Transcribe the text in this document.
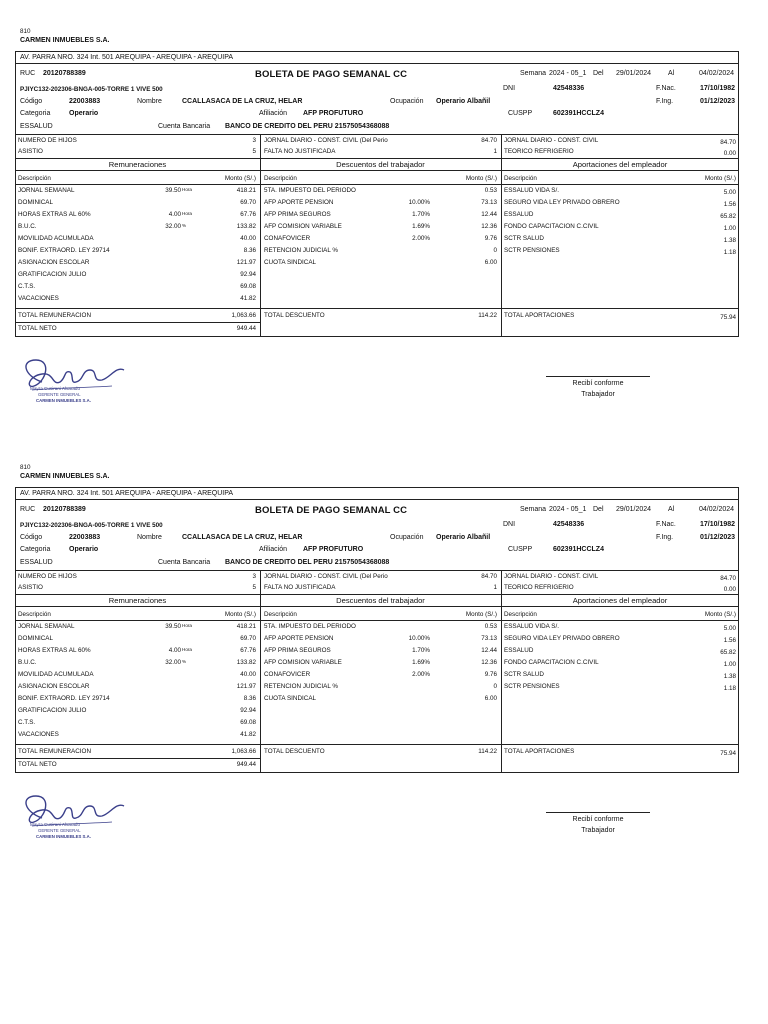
810
CARMEN INMUEBLES S.A.
AV. PARRA NRO. 324 Int. 501 AREQUIPA - AREQUIPA - AREQUIPA
RUC 20120788389	BOLETA DE PAGO SEMANAL CC	Semana 2024 - 05_1 Del 29/01/2024 Al	04/02/2024
PJIYC132-202306-BNGA-005-TORRE 1 VIVE 500	DNI	42548336	F.Nac.	17/10/1982
Código	22003883	Nombre	CCALLASACA DE LA CRUZ, HELAR	Ocupación Operario Albañil	F.Ing.	01/12/2023
Categoria	Operario	Afiliación AFP PROFUTURO	CUSPP	602391HCCLZ4
ESSALUD	Cuenta Bancaria BANCO DE CREDITO DEL PERU 21575054368088
NUMERO DE HIJOS	3
ASISTIO	5
JORNAL DIARIO - CONST. CIVIL (Del Perio	84.70
FALTA NO JUSTIFICADA	1
JORNAL DIARIO - CONST. CIVIL	84.70
TEORICO REFRIGERIO	0.00
Remuneraciones	Descuentos del trabajador	Aportaciones del empleador
Descripción	Monto (S/.) Descripción	Monto (S/.) Descripción	Monto (S/.)
JORNAL SEMANAL	39.50 Hora	418.21
DOMINICAL	69.70
HORAS EXTRAS AL 60%	4.00 Hora	67.76
B.U.C.	32.00 %	133.82
MOVILIDAD ACUMULADA	40.00
BONIF. EXTRAORD. LEY 29714	8.36
ASIGNACION ESCOLAR	121.97
GRATIFICACION JULIO	92.94
C.T.S.	69.08
VACACIONES	41.82
5TA. IMPUESTO DEL PERIODO	0.53
AFP APORTE PENSION	10.00%	73.13
AFP PRIMA SEGUROS	1.70%	12.44
AFP COMISION VARIABLE	1.69%	12.36
CONAFOVICER	2.00%	9.76
RETENCION JUDICIAL %	0
CUOTA SINDICAL	6.00
ESSALUD VIDA S/.	5.00
SEGURO VIDA LEY PRIVADO OBRERO	1.56
ESSALUD	65.82
FONDO CAPACITACION C.CIVIL	1.00
SCTR SALUD	1.38
SCTR PENSIONES	1.18
TOTAL REMUNERACION	1,063.66 TOTAL DESCUENTO	114.22 TOTAL APORTACIONES	75.94
TOTAL NETO	949.44
Mayra Cusirani Alvarado
GERENTE GENERAL
CARMEN INMUEBLES S.A.
Recibí conforme
Trabajador
810
CARMEN INMUEBLES S.A.
AV. PARRA NRO. 324 Int. 501 AREQUIPA - AREQUIPA - AREQUIPA
RUC 20120788389	BOLETA DE PAGO SEMANAL CC	Semana 2024 - 05_1 Del 29/01/2024 Al	04/02/2024
PJIYC132-202306-BNGA-005-TORRE 1 VIVE 500	DNI	42548336	F.Nac.	17/10/1982
Código	22003883	Nombre	CCALLASACA DE LA CRUZ, HELAR	Ocupación Operario Albañil	F.Ing.	01/12/2023
Categoria	Operario	Afiliación AFP PROFUTURO	CUSPP	602391HCCLZ4
ESSALUD	Cuenta Bancaria BANCO DE CREDITO DEL PERU 21575054368088
NUMERO DE HIJOS	3
ASISTIO	5
JORNAL DIARIO - CONST. CIVIL (Del Perio	84.70
FALTA NO JUSTIFICADA	1
JORNAL DIARIO - CONST. CIVIL	84.70
TEORICO REFRIGERIO	0.00
Remuneraciones	Descuentos del trabajador	Aportaciones del empleador
Descripción	Monto (S/.) Descripción	Monto (S/.) Descripción	Monto (S/.)
JORNAL SEMANAL	39.50 Hora	418.21
DOMINICAL	69.70
HORAS EXTRAS AL 60%	4.00 Hora	67.76
B.U.C.	32.00 %	133.82
MOVILIDAD ACUMULADA	40.00
ASIGNACION ESCOLAR	121.97
BONIF. EXTRAORD. LEY 29714	8.36
GRATIFICACION JULIO	92.94
C.T.S.	69.08
VACACIONES	41.82
5TA. IMPUESTO DEL PERIODO	0.53
AFP APORTE PENSION	10.00%	73.13
AFP PRIMA SEGUROS	1.70%	12.44
AFP COMISION VARIABLE	1.69%	12.36
CONAFOVICER	2.00%	9.76
RETENCION JUDICIAL %	0
CUOTA SINDICAL	6.00
ESSALUD VIDA S/.	5.00
SEGURO VIDA LEY PRIVADO OBRERO	1.56
ESSALUD	65.82
FONDO CAPACITACION C.CIVIL	1.00
SCTR SALUD	1.38
SCTR PENSIONES	1.18
TOTAL REMUNERACION	1,063.66 TOTAL DESCUENTO	114.22 TOTAL APORTACIONES	75.94
TOTAL NETO	949.44
Mayra Cusirani Alvarado
GERENTE GENERAL
CARMEN INMUEBLES S.A.
Recibí conforme
Trabajador
